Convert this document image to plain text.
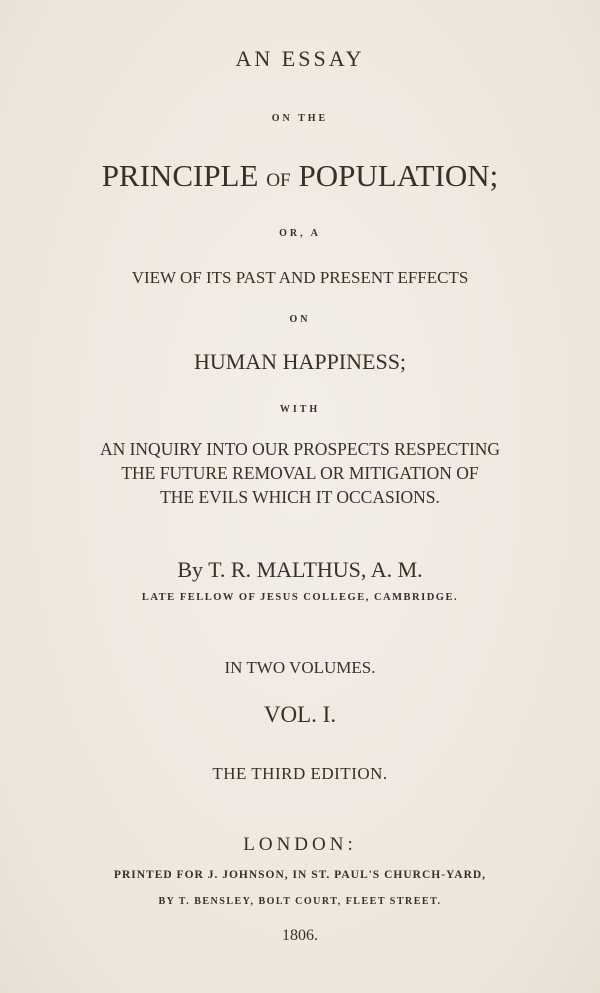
AN ESSAY
ON THE
PRINCIPLE OF POPULATION;
OR, A
VIEW OF ITS PAST AND PRESENT EFFECTS
ON
HUMAN HAPPINESS;
WITH
AN INQUIRY INTO OUR PROSPECTS RESPECTING
THE FUTURE REMOVAL OR MITIGATION OF
THE EVILS WHICH IT OCCASIONS.
By T. R. MALTHUS, A. M.
LATE FELLOW OF JESUS COLLEGE, CAMBRIDGE.
IN TWO VOLUMES.
VOL. I.
THE THIRD EDITION.
LONDON:
PRINTED FOR J. JOHNSON, IN ST. PAUL'S CHURCH-YARD,
BY T. BENSLEY, BOLT COURT, FLEET STREET.
1806.
